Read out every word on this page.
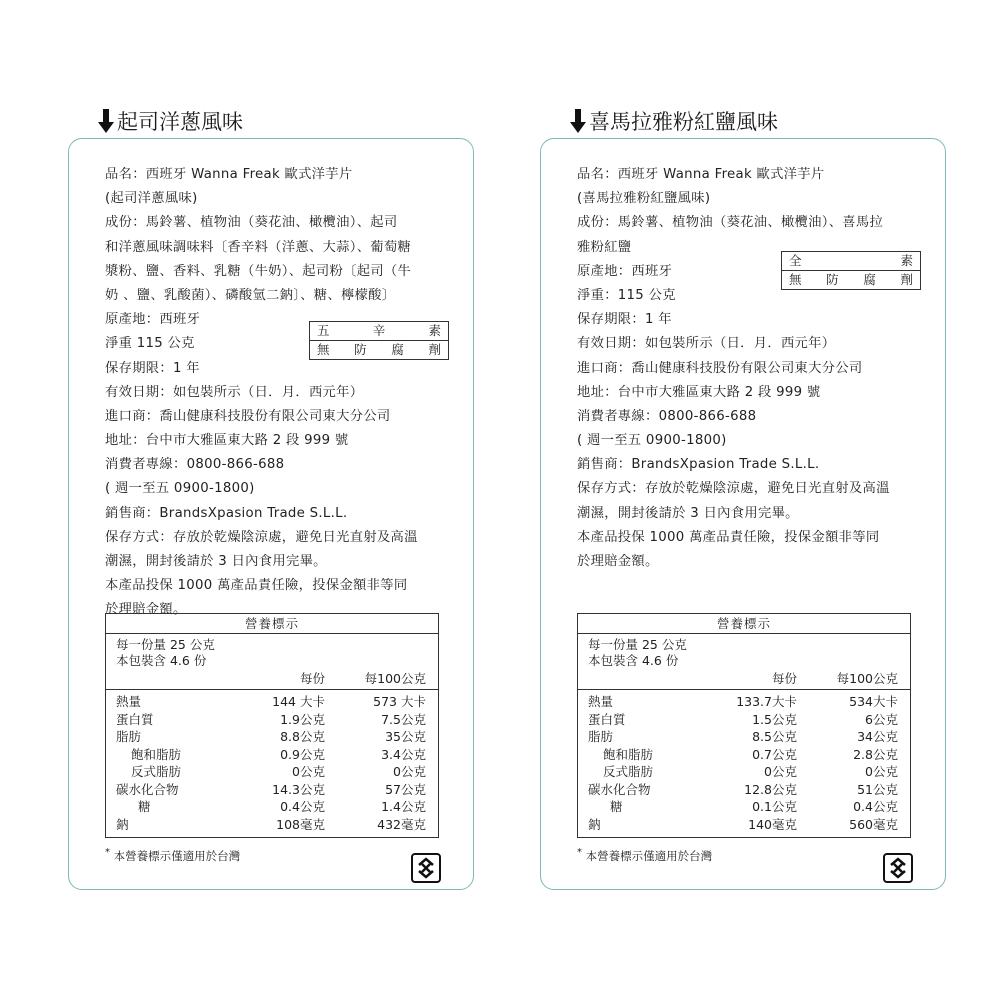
起司洋蔥風味
品名：西班牙 Wanna Freak 歐式洋芋片
(起司洋蔥風味)
成份：馬鈴薯、植物油（葵花油、橄欖油）、起司
和洋蔥風味調味料〔香辛料（洋蔥、大蒜）、葡萄糖
漿粉、鹽、香料、乳糖（牛奶）、起司粉〔起司（牛
奶 、鹽、乳酸菌）、磷酸氫二鈉〕、糖、檸檬酸〕
原產地：西班牙
淨重 115 公克
保存期限：1 年
有效日期：如包裝所示（日．月．西元年）
進口商：喬山健康科技股份有限公司東大分公司
地址：台中市大雅區東大路 2 段 999 號
消費者專線：0800-866-688
( 週一至五 0900-1800)
銷售商：BrandsXpasion Trade S.L.L.
保存方式：存放於乾燥陰涼處，避免日光直射及高溫
潮濕，開封後請於 3 日內食用完畢。
本產品投保 1000 萬產品責任險，投保金額非等同
於理賠金額。
五	辛	素
無 防 腐 劑
營養標示
每一份量 25 公克
本包裝含 4.6 份
每份	每100公克
熱量	144 大卡	573 大卡
蛋白質	1.9公克	7.5公克
脂肪	8.8公克	35公克
飽和脂肪	0.9公克	3.4公克
反式脂肪	0公克	0公克
碳水化合物	14.3公克	57公克
糖	0.4公克	1.4公克
鈉	108毫克	432毫克
* 本營養標示僅適用於台灣
喜馬拉雅粉紅鹽風味
品名：西班牙 Wanna Freak 歐式洋芋片
(喜馬拉雅粉紅鹽風味)
成份：馬鈴薯、植物油（葵花油、橄欖油）、喜馬拉
雅粉紅鹽
原產地：西班牙
淨重：115 公克
保存期限：1 年
有效日期：如包裝所示（日．月．西元年）
進口商：喬山健康科技股份有限公司東大分公司
地址：台中市大雅區東大路 2 段 999 號
消費者專線：0800-866-688
( 週一至五 0900-1800)
銷售商：BrandsXpasion Trade S.L.L.
保存方式：存放於乾燥陰涼處，避免日光直射及高溫
潮濕，開封後請於 3 日內食用完畢。
本產品投保 1000 萬產品責任險，投保金額非等同
於理賠金額。
全	素
無 防 腐 劑
營養標示
每一份量 25 公克
本包裝含 4.6 份
每份	每100公克
熱量	133.7大卡	534大卡
蛋白質	1.5公克	6公克
脂肪	8.5公克	34公克
飽和脂肪	0.7公克	2.8公克
反式脂肪	0公克	0公克
碳水化合物	12.8公克	51公克
糖	0.1公克	0.4公克
鈉	140毫克	560毫克
* 本營養標示僅適用於台灣
